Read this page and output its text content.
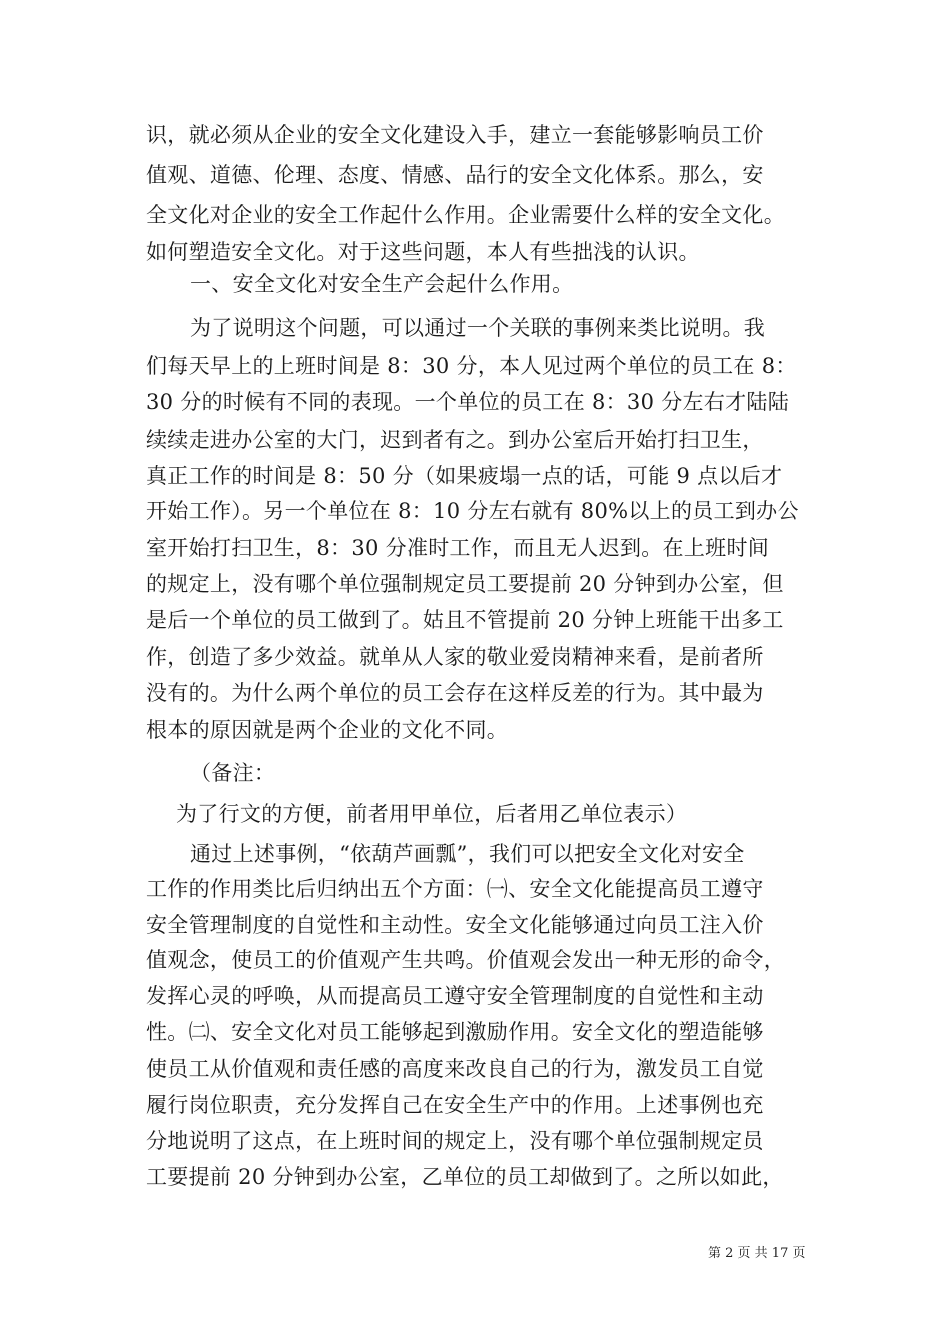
识，就必须从企业的安全文化建设入手，建立一套能够影响员工价
值观、道德、伦理、态度、情感、品行的安全文化体系。那么，安
全文化对企业的安全工作起什么作用。企业需要什么样的安全文化。
如何塑造安全文化。对于这些问题，本人有些拙浅的认识。
一、安全文化对安全生产会起什么作用。
为了说明这个问题，可以通过一个关联的事例来类比说明。我
们每天早上的上班时间是 8：30 分，本人见过两个单位的员工在 8：
30 分的时候有不同的表现。一个单位的员工在 8：30 分左右才陆陆
续续走进办公室的大门，迟到者有之。到办公室后开始打扫卫生，
真正工作的时间是 8：50 分（如果疲塌一点的话，可能 9 点以后才
开始工作）。另一个单位在 8：10 分左右就有 80%以上的员工到办公
室开始打扫卫生，8：30 分准时工作，而且无人迟到。在上班时间
的规定上，没有哪个单位强制规定员工要提前 20 分钟到办公室，但
是后一个单位的员工做到了。姑且不管提前 20 分钟上班能干出多工
作，创造了多少效益。就单从人家的敬业爱岗精神来看，是前者所
没有的。为什么两个单位的员工会存在这样反差的行为。其中最为
根本的原因就是两个企业的文化不同。
（备注：
为了行文的方便，前者用甲单位，后者用乙单位表示）
通过上述事例，“依葫芦画瓢”，我们可以把安全文化对安全
工作的作用类比后归纳出五个方面：㈠、安全文化能提高员工遵守
安全管理制度的自觉性和主动性。安全文化能够通过向员工注入价
值观念，使员工的价值观产生共鸣。价值观会发出一种无形的命令，
发挥心灵的呼唤，从而提高员工遵守安全管理制度的自觉性和主动
性。㈡、安全文化对员工能够起到激励作用。安全文化的塑造能够
使员工从价值观和责任感的高度来改良自己的行为，激发员工自觉
履行岗位职责，充分发挥自己在安全生产中的作用。上述事例也充
分地说明了这点，在上班时间的规定上，没有哪个单位强制规定员
工要提前 20 分钟到办公室，乙单位的员工却做到了。之所以如此，
第 2 页 共 17 页
